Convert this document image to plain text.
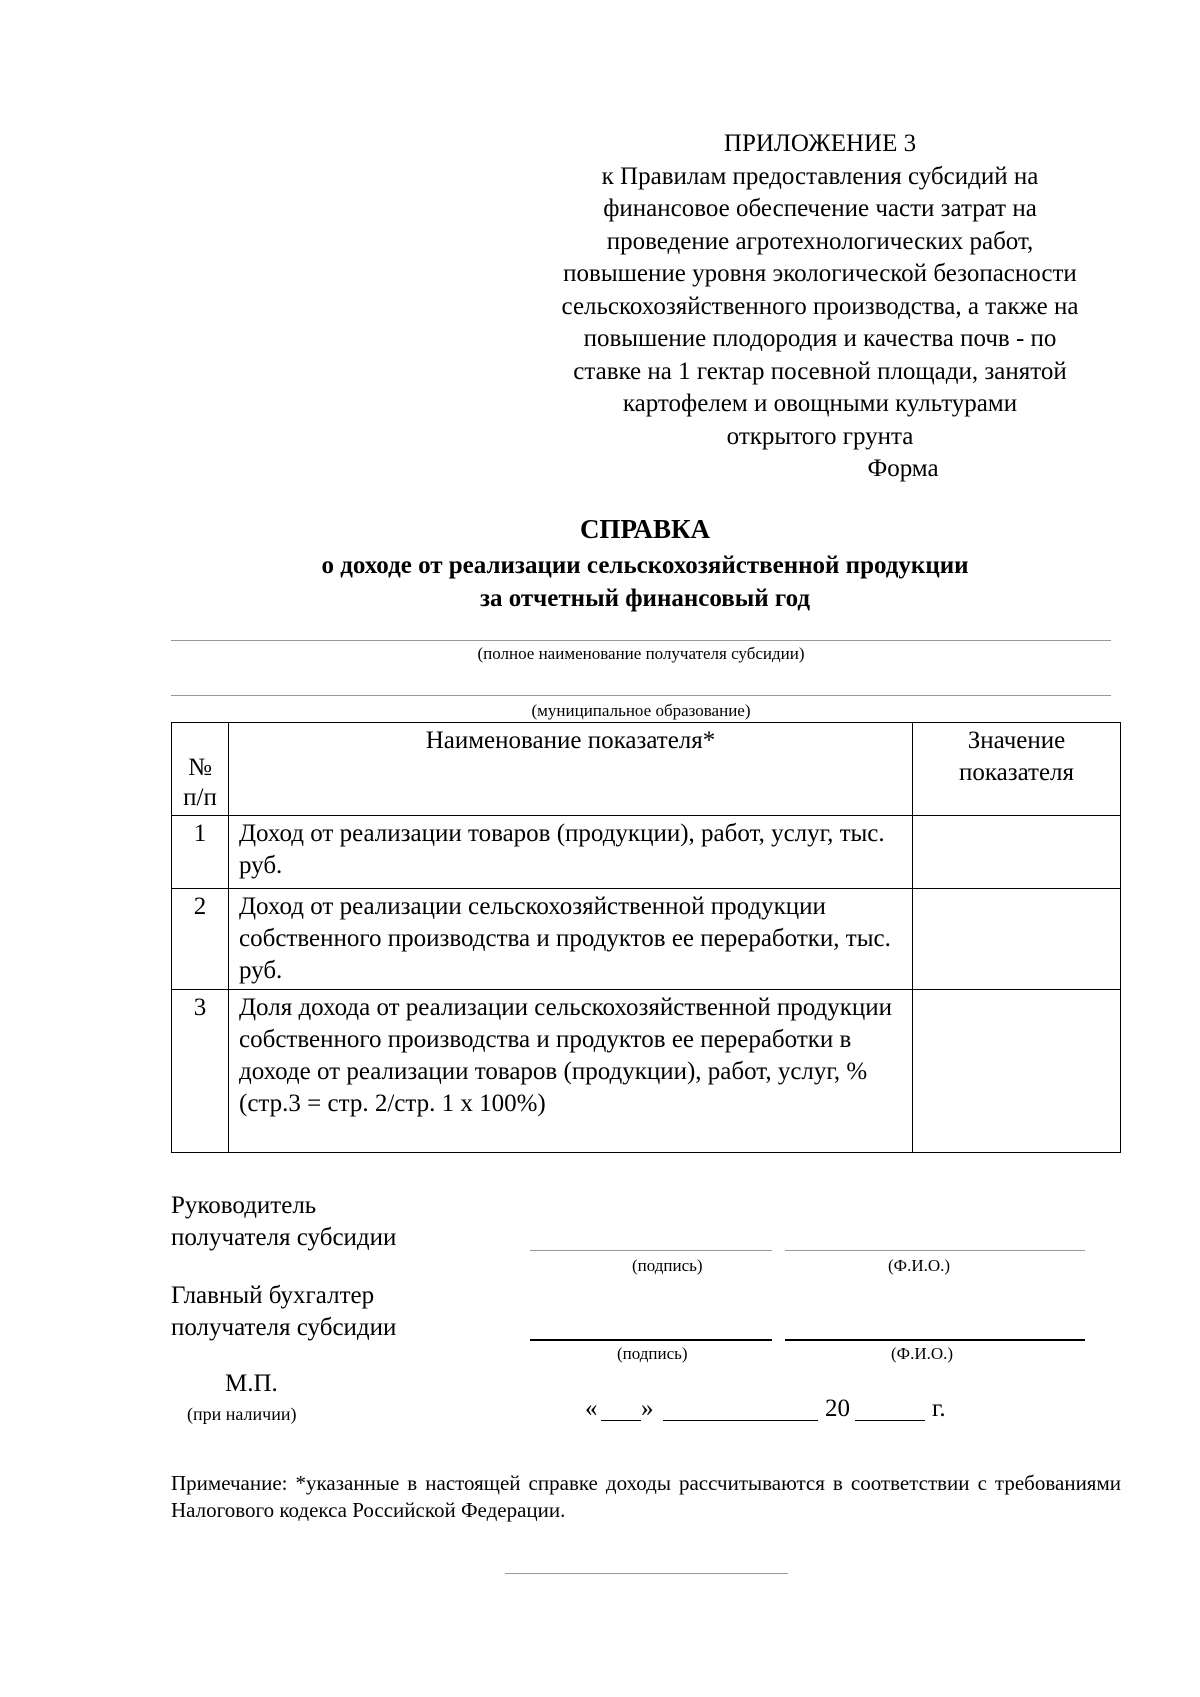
ПРИЛОЖЕНИЕ 3
к Правилам предоставления субсидий на
финансовое обеспечение части затрат на
проведение агротехнологических работ,
повышение уровня экологической безопасности
сельскохозяйственного производства, а также на
повышение плодородия и качества почв - по
ставке на 1 гектар посевной площади, занятой
картофелем и овощными культурами
открытого грунта
Форма
СПРАВКА
о доходе от реализации сельскохозяйственной продукции
за отчетный финансовый год
(полное наименование получателя субсидии)
(муниципальное образование)
№ п/п	Наименование показателя*	Значение показателя

1	Доход от реализации товаров (продукции), работ, услуг, тыс. руб.	
2	Доход от реализации сельскохозяйственной продукции собственного производства и продуктов ее переработки, тыс. руб.	
3	Доля дохода от реализации сельскохозяйственной продукции собственного производства и продуктов ее переработки в доходе от реализации товаров (продукции), работ, услуг, % (стр.3 = стр. 2/стр. 1 х 100%)	
Руководитель
получателя субсидии
(подпись)	(Ф.И.О.)
Главный бухгалтер
получателя субсидии
(подпись)	(Ф.И.О.)
М.П.
(при наличии)	« »	20	г.
Примечание: *указанные в настоящей справке доходы рассчитываются в соответствии с требованиями Налогового кодекса Российской Федерации.
